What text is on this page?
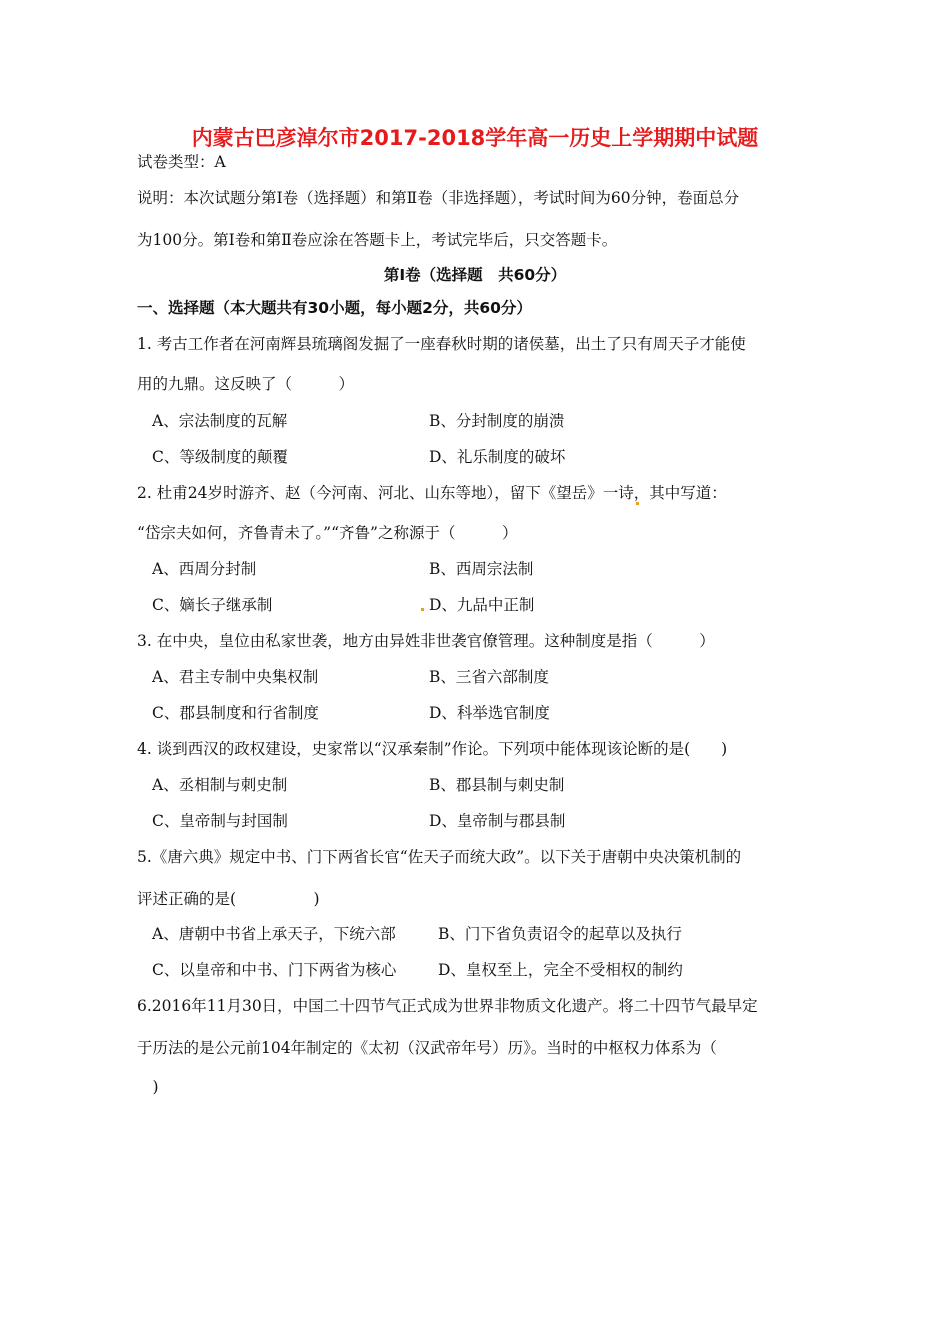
内蒙古巴彦淖尔市2017-2018学年高一历史上学期期中试题
试卷类型：A
说明：本次试题分第Ⅰ卷（选择题）和第Ⅱ卷（非选择题），考试时间为60分钟，卷面总分
为100分。第Ⅰ卷和第Ⅱ卷应涂在答题卡上，考试完毕后，只交答题卡。
第Ⅰ卷（选择题　共60分）
一、选择题（本大题共有30小题，每小题2分，共60分）
1. 考古工作者在河南辉县琉璃阁发掘了一座春秋时期的诸侯墓，出土了只有周天子才能使
用的九鼎。这反映了（　　　）
A、宗法制度的瓦解	B、分封制度的崩溃
C、等级制度的颠覆	D、礼乐制度的破坏
2. 杜甫24岁时游齐、赵（今河南、河北、山东等地），留下《望岳》一诗，其中写道：
“岱宗夫如何，齐鲁青未了。”“齐鲁”之称源于（　　　）
A、西周分封制	B、西周宗法制
C、嫡长子继承制	D、九品中正制
3. 在中央，皇位由私家世袭，地方由异姓非世袭官僚管理。这种制度是指（　　　）
A、君主专制中央集权制	B、三省六部制度
C、郡县制度和行省制度	D、科举选官制度
4. 谈到西汉的政权建设，史家常以“汉承秦制”作论。下列项中能体现该论断的是(　　)
A、丞相制与刺史制	B、郡县制与刺史制
C、皇帝制与封国制	D、皇帝制与郡县制
5.《唐六典》规定中书、门下两省长官“佐天子而统大政”。以下关于唐朝中央决策机制的
评述正确的是(　　　　　)
A、唐朝中书省上承天子，下统六部	B、门下省负责诏令的起草以及执行
C、以皇帝和中书、门下两省为核心	D、皇权至上，完全不受相权的制约
6.2016年11月30日，中国二十四节气正式成为世界非物质文化遗产。将二十四节气最早定
于历法的是公元前104年制定的《太初（汉武帝年号）历》。当时的中枢权力体系为（
　)
